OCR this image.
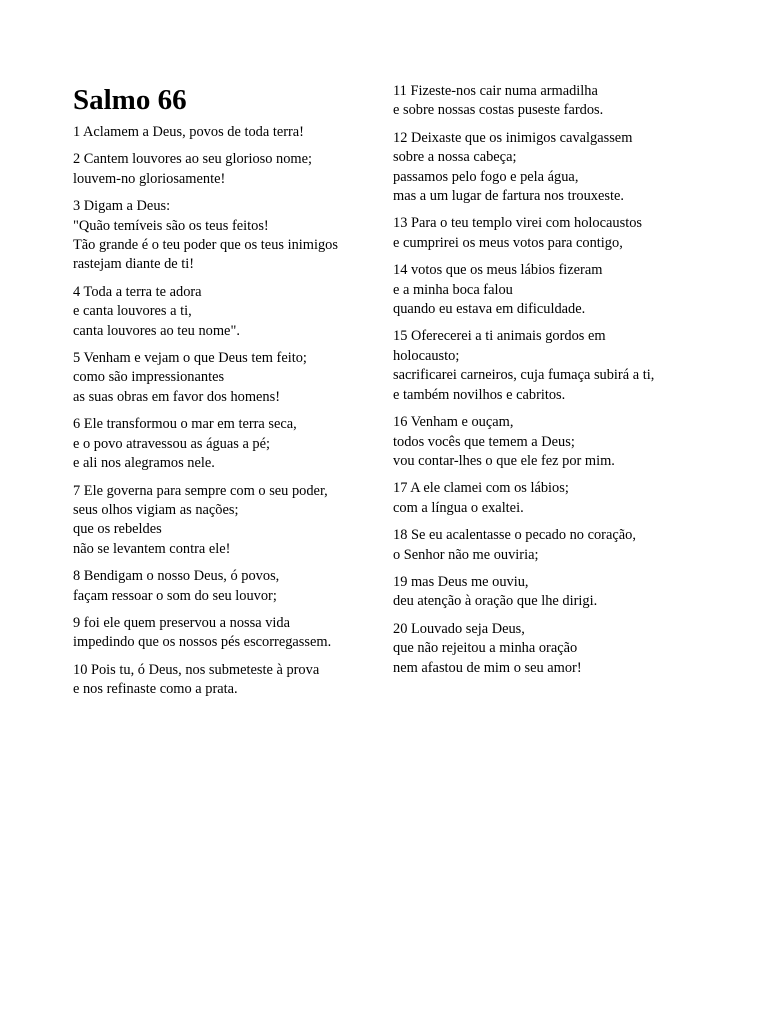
Salmo 66
1 Aclamem a Deus, povos de toda terra!
2 Cantem louvores ao seu glorioso nome;
louvem-no gloriosamente!
3 Digam a Deus:
"Quão temíveis são os teus feitos!
Tão grande é o teu poder que os teus inimigos
rastejam diante de ti!
4 Toda a terra te adora
e canta louvores a ti,
canta louvores ao teu nome".
5 Venham e vejam o que Deus tem feito;
como são impressionantes
as suas obras em favor dos homens!
6 Ele transformou o mar em terra seca,
e o povo atravessou as águas a pé;
e ali nos alegramos nele.
7 Ele governa para sempre com o seu poder,
seus olhos vigiam as nações;
que os rebeldes
não se levantem contra ele!
8 Bendigam o nosso Deus, ó povos,
façam ressoar o som do seu louvor;
9 foi ele quem preservou a nossa vida
impedindo que os nossos pés escorregassem.
10 Pois tu, ó Deus, nos submeteste à prova
e nos refinaste como a prata.
11 Fizeste-nos cair numa armadilha
e sobre nossas costas puseste fardos.
12 Deixaste que os inimigos cavalgassem
sobre a nossa cabeça;
passamos pelo fogo e pela água,
mas a um lugar de fartura nos trouxeste.
13 Para o teu templo virei com holocaustos
e cumprirei os meus votos para contigo,
14 votos que os meus lábios fizeram
e a minha boca falou
quando eu estava em dificuldade.
15 Oferecerei a ti animais gordos em
holocausto;
sacrificarei carneiros, cuja fumaça subirá a ti,
e também novilhos e cabritos.
16 Venham e ouçam,
todos vocês que temem a Deus;
vou contar-lhes o que ele fez por mim.
17 A ele clamei com os lábios;
com a língua o exaltei.
18 Se eu acalentasse o pecado no coração,
o Senhor não me ouviria;
19 mas Deus me ouviu,
deu atenção à oração que lhe dirigi.
20 Louvado seja Deus,
que não rejeitou a minha oração
nem afastou de mim o seu amor!
